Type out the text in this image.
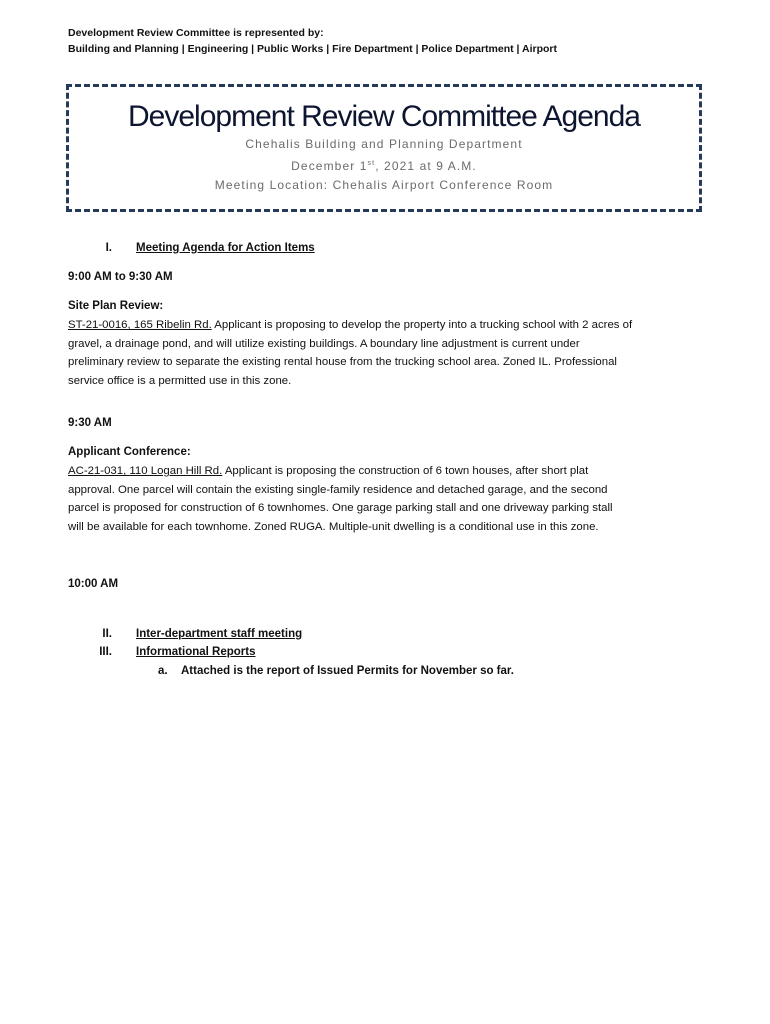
Development Review Committee is represented by:
Building and Planning | Engineering | Public Works | Fire Department | Police Department | Airport
Development Review Committee Agenda
Chehalis Building and Planning Department
December 1st, 2021 at 9 A.M.
Meeting Location: Chehalis Airport Conference Room
I. Meeting Agenda for Action Items
9:00 AM to 9:30 AM
Site Plan Review:
ST-21-0016, 165 Ribelin Rd. Applicant is proposing to develop the property into a trucking school with 2 acres of
gravel, a drainage pond, and will utilize existing buildings. A boundary line adjustment is current under
preliminary review to separate the existing rental house from the trucking school area. Zoned IL. Professional
service office is a permitted use in this zone.
9:30 AM
Applicant Conference:
AC-21-031, 110 Logan Hill Rd. Applicant is proposing the construction of 6 town houses, after short plat
approval. One parcel will contain the existing single-family residence and detached garage, and the second
parcel is proposed for construction of 6 townhomes. One garage parking stall and one driveway parking stall
will be available for each townhome. Zoned RUGA. Multiple-unit dwelling is a conditional use in this zone.
10:00 AM
II. Inter-department staff meeting
III. Informational Reports
a. Attached is the report of Issued Permits for November so far.
